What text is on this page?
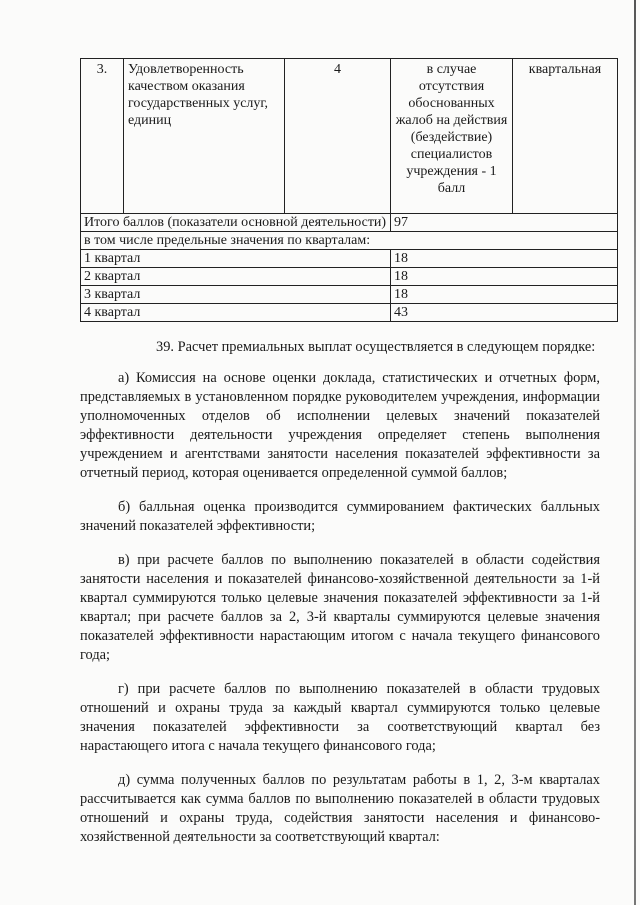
3.	Удовлетворенность качеством оказания государственных услуг, единиц	4	в случае отсутствия обоснованных жалоб на действия (бездействие) специалистов учреждения - 1 балл	квартальная
Итого баллов (показатели основной деятельности)			97	
в том числе предельные значения по кварталам:				
1 квартал			18	
2 квартал			18	
3 квартал			18	
4 квартал			43	

39. Расчет премиальных выплат осуществляется в следующем порядке:

а) Комиссия на основе оценки доклада, статистических и отчетных форм, представляемых в установленном порядке руководителем учреждения, информации уполномоченных отделов об исполнении целевых значений показателей эффективности деятельности учреждения определяет степень выполнения учреждением и агентствами занятости населения показателей эффективности за отчетный период, которая оценивается определенной суммой баллов;

б) балльная оценка производится суммированием фактических балльных значений показателей эффективности;

в) при расчете баллов по выполнению показателей в области содействия занятости населения и показателей финансово-хозяйственной деятельности за 1-й квартал суммируются только целевые значения показателей эффективности за 1-й квартал; при расчете баллов за 2, 3-й кварталы суммируются целевые значения показателей эффективности нарастающим итогом с начала текущего финансового года;

г) при расчете баллов по выполнению показателей в области трудовых отношений и охраны труда за каждый квартал суммируются только целевые значения показателей эффективности за соответствующий квартал без нарастающего итога с начала текущего финансового года;

д) сумма полученных баллов по результатам работы в 1, 2, 3-м кварталах рассчитывается как сумма баллов по выполнению показателей в области трудовых отношений и охраны труда, содействия занятости населения и финансово-хозяйственной деятельности за соответствующий квартал:
